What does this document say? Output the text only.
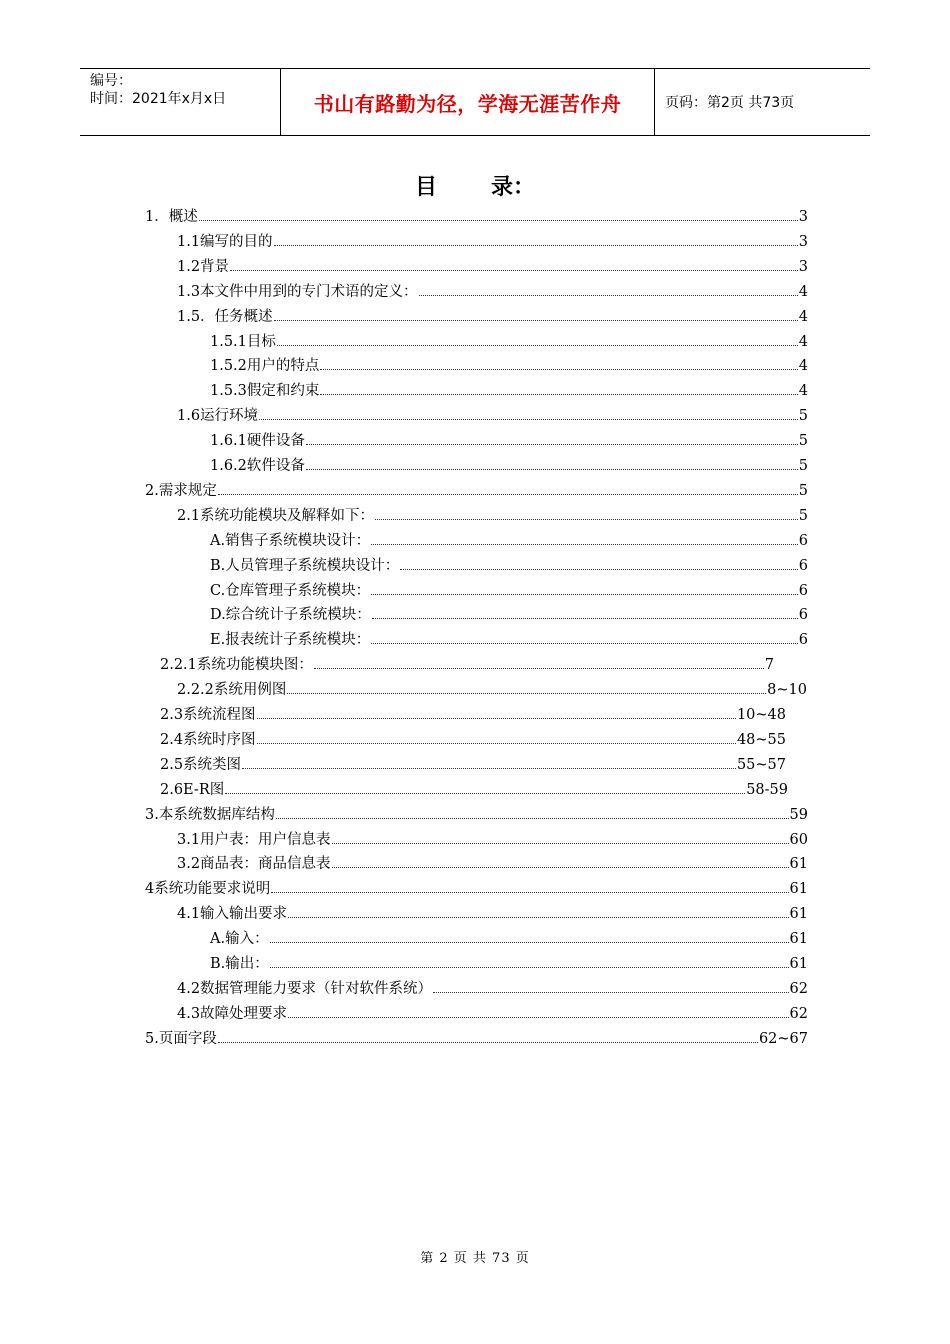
编号：
时间：2021年x月x日	书山有路勤为径，学海无涯苦作舟	页码：第2页 共73页
目 录：
1．概述	3
1.1编写的目的	3
1.2背景	3
1.3本文件中用到的专门术语的定义：	4
1.5．任务概述	4
1.5.1目标	4
1.5.2用户的特点	4
1.5.3假定和约束	4
1.6运行环境	5
1.6.1硬件设备	5
1.6.2软件设备	5
2.需求规定	5
2.1系统功能模块及解释如下：	5
A.销售子系统模块设计：	6
B.人员管理子系统模块设计：	6
C.仓库管理子系统模块：	6
D.综合统计子系统模块：	6
E.报表统计子系统模块：	6
2.2.1系统功能模块图：	7
2.2.2系统用例图	8~10
2.3系统流程图	10~48
2.4系统时序图	48~55
2.5系统类图	55~57
2.6E-R图	58-59
3.本系统数据库结构	59
3.1用户表：用户信息表	60
3.2商品表：商品信息表	61
4系统功能要求说明	61
4.1输入输出要求	61
A.输入：	61
B.输出：	61
4.2数据管理能力要求（针对软件系统）	62
4.3故障处理要求	62
5.页面字段	62~67
第 2 页 共 73 页
